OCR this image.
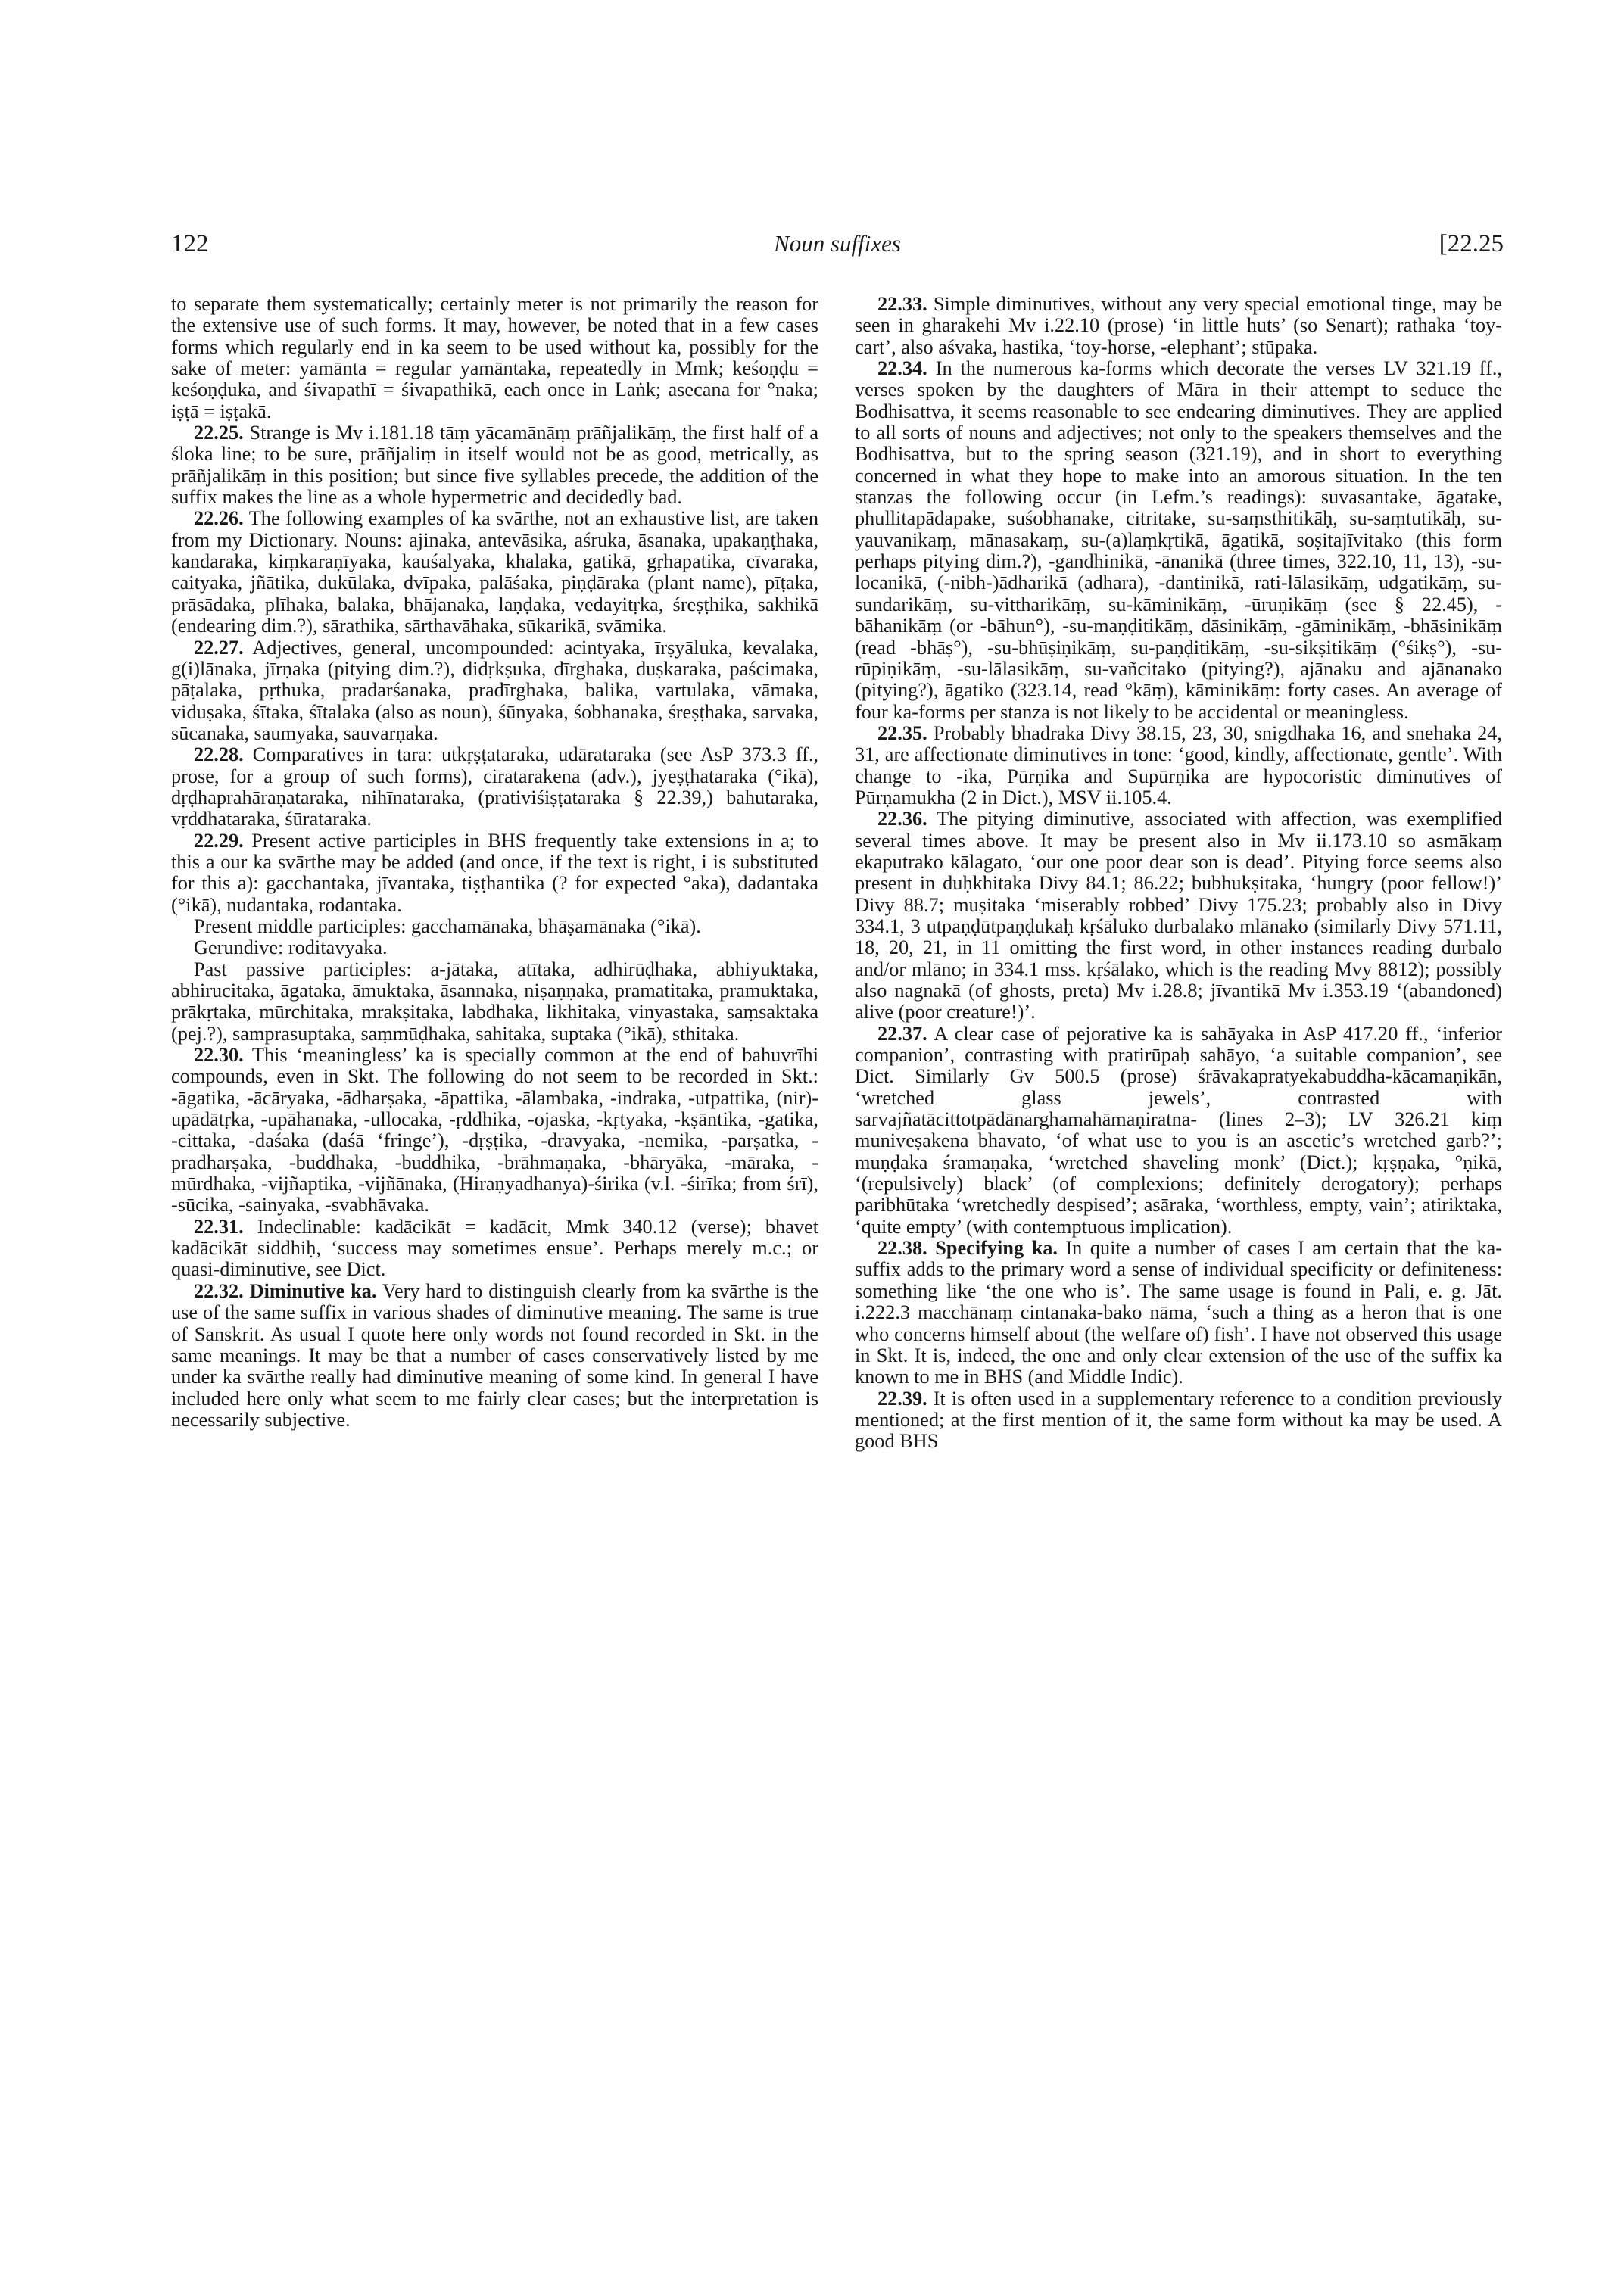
122	Noun suffixes	[22.25

to separate them systematically; certainly meter is not primarily the reason for the extensive use of such forms. It may, however, be noted that in a few cases forms which regularly end in ka seem to be used without ka, possibly for the sake of meter: yamānta = regular yamāntaka, repeatedly in Mmk; keśoṇḍu = keśoṇḍuka, and śivapathī = śivapathikā, each once in Laṅk; asecana for °naka; iṣṭā = iṣṭakā.

22.25. Strange is Mv i.181.18 tāṃ yācamānāṃ prāñjalikāṃ, the first half of a śloka line; to be sure, prāñjaliṃ in itself would not be as good, metrically, as prāñjalikāṃ in this position; but since five syllables precede, the addition of the suffix makes the line as a whole hypermetric and decidedly bad.

22.26. The following examples of ka svārthe, not an exhaustive list, are taken from my Dictionary. Nouns: ajinaka, antevāsika, aśruka, āsanaka, upakaṇṭhaka, kandaraka, kiṃkaraṇīyaka, kauśalyaka, khalaka, gatikā, gṛhapatika, cīvaraka, caityaka, jñātika, dukūlaka, dvīpaka, palāśaka, piṇḍāraka (plant name), pīṭaka, prāsādaka, plīhaka, balaka, bhājanaka, laṇḍaka, vedayitṛka, śreṣṭhika, sakhikā (endearing dim.?), sārathika, sārthavāhaka, sūkarikā, svāmika.

22.27. Adjectives, general, uncompounded: acintyaka, īrṣyāluka, kevalaka, g(i)lānaka, jīrṇaka (pitying dim.?), didṛkṣuka, dīrghaka, duṣkaraka, paścimaka, pāṭalaka, pṛthuka, pradarśanaka, pradīrghaka, balika, vartulaka, vāmaka, viduṣaka, śītaka, śītalaka (also as noun), śūnyaka, śobhanaka, śreṣṭhaka, sarvaka, sūcanaka, saumyaka, sauvarṇaka.

22.28. Comparatives in tara: utkṛṣṭataraka, udārataraka (see AsP 373.3 ff., prose, for a group of such forms), ciratarakena (adv.), jyeṣṭhataraka (°ikā), dṛḍhaprahāraṇataraka, nihīnataraka, (prativiśiṣṭataraka § 22.39,) bahutaraka, vṛddhataraka, śūrataraka.

22.29. Present active participles in BHS frequently take extensions in a; to this a our ka svārthe may be added (and once, if the text is right, i is substituted for this a): gacchantaka, jīvantaka, tiṣṭhantika (? for expected °aka), dadantaka (°ikā), nudantaka, rodantaka.

Present middle participles: gacchamānaka, bhāṣamānaka (°ikā).

Gerundive: roditavyaka.

Past passive participles: a-jātaka, atītaka, adhirūḍhaka, abhiyuktaka, abhirucitaka, āgataka, āmuktaka, āsannaka, niṣaṇṇaka, pramatitaka, pramuktaka, prākṛtaka, mūrchitaka, mrakṣitaka, labdhaka, likhitaka, vinyastaka, saṃsaktaka (pej.?), samprasuptaka, saṃmūḍhaka, sahitaka, suptaka (°ikā), sthitaka.

22.30. This ‘meaningless’ ka is specially common at the end of bahuvrīhi compounds, even in Skt. The following do not seem to be recorded in Skt.: -āgatika, -ācāryaka, -ādharṣaka, -āpattika, -ālambaka, -indraka, -utpattika, (nir)-upādātṛka, -upāhanaka, -ullocaka, -ṛddhika, -ojaska, -kṛtyaka, -kṣāntika, -gatika, -cittaka, -daśaka (daśā ‘fringe’), -dṛṣṭika, -dravyaka, -nemika, -parṣatka, -pradharṣaka, -buddhaka, -buddhika, -brāhmaṇaka, -bhāryāka, -māraka, -mūrdhaka, -vijñaptika, -vijñānaka, (Hiraṇyadhanya)-śirika (v.l. -śirīka; from śrī), -sūcika, -sainyaka, -svabhāvaka.

22.31. Indeclinable: kadācikāt = kadācit, Mmk 340.12 (verse); bhavet kadācikāt siddhiḥ, ‘success may sometimes ensue’. Perhaps merely m.c.; or quasi-diminutive, see Dict.

22.32. Diminutive ka. Very hard to distinguish clearly from ka svārthe is the use of the same suffix in various shades of diminutive meaning. The same is true of Sanskrit. As usual I quote here only words not found recorded in Skt. in the same meanings. It may be that a number of cases conservatively listed by me under ka svārthe really had diminutive meaning of some kind. In general I have included here only what seem to me fairly clear cases; but the interpretation is necessarily subjective.

22.33. Simple diminutives, without any very special emotional tinge, may be seen in gharakehi Mv i.22.10 (prose) ‘in little huts’ (so Senart); rathaka ‘toy-cart’, also aśvaka, hastika, ‘toy-horse, -elephant’; stūpaka.

22.34. In the numerous ka-forms which decorate the verses LV 321.19 ff., verses spoken by the daughters of Māra in their attempt to seduce the Bodhisattva, it seems reasonable to see endearing diminutives. They are applied to all sorts of nouns and adjectives; not only to the speakers themselves and the Bodhisattva, but to the spring season (321.19), and in short to everything concerned in what they hope to make into an amorous situation. In the ten stanzas the following occur (in Lefm.’s readings): suvasantake, āgatake, phullitapādapake, suśobhanake, citritake, su-saṃsthitikāḥ, su-saṃtutikāḥ, su-yauvanikaṃ, mānasakaṃ, su-(a)laṃkṛtikā, āgatikā, soṣitajīvitako (this form perhaps pitying dim.?), -gandhinikā, -ānanikā (three times, 322.10, 11, 13), -su-locanikā, (-nibh-)ādharikā (adhara), -dantinikā, rati-lālasikāṃ, udgatikāṃ, su-sundarikāṃ, su-vittharikāṃ, su-kāminikāṃ, -ūruṇikāṃ (see § 22.45), -bāhanikāṃ (or -bāhun°), -su-maṇḍitikāṃ, dāsinikāṃ, -gāminikāṃ, -bhāsinikāṃ (read -bhāṣ°), -su-bhūṣiṇikāṃ, su-paṇḍitikāṃ, -su-sikṣitikāṃ (°śikṣ°), -su-rūpiṇikāṃ, -su-lālasikāṃ, su-vañcitako (pitying?), ajānaku and ajānanako (pitying?), āgatiko (323.14, read °kāṃ), kāminikāṃ: forty cases. An average of four ka-forms per stanza is not likely to be accidental or meaningless.

22.35. Probably bhadraka Divy 38.15, 23, 30, snigdhaka 16, and snehaka 24, 31, are affectionate diminutives in tone: ‘good, kindly, affectionate, gentle’. With change to -ika, Pūrṇika and Supūrṇika are hypocoristic diminutives of Pūrṇamukha (2 in Dict.), MSV ii.105.4.

22.36. The pitying diminutive, associated with affection, was exemplified several times above. It may be present also in Mv ii.173.10 so asmākaṃ ekaputrako kālagato, ‘our one poor dear son is dead’. Pitying force seems also present in duḥkhitaka Divy 84.1; 86.22; bubhukṣitaka, ‘hungry (poor fellow!)’ Divy 88.7; muṣitaka ‘miserably robbed’ Divy 175.23; probably also in Divy 334.1, 3 utpaṇḍūtpaṇḍukaḥ kṛśāluko durbalako mlānako (similarly Divy 571.11, 18, 20, 21, in 11 omitting the first word, in other instances reading durbalo and/or mlāno; in 334.1 mss. kṛśālako, which is the reading Mvy 8812); possibly also nagnakā (of ghosts, preta) Mv i.28.8; jīvantikā Mv i.353.19 ‘(abandoned) alive (poor creature!)’.

22.37. A clear case of pejorative ka is sahāyaka in AsP 417.20 ff., ‘inferior companion’, contrasting with pratirūpaḥ sahāyo, ‘a suitable companion’, see Dict. Similarly Gv 500.5 (prose) śrāvakapratyekabuddha-kācamaṇikān, ‘wretched glass jewels’, contrasted with sarvajñatācittotpādānarghamahāmaṇiratna- (lines 2–3); LV 326.21 kiṃ muniveṣakena bhavato, ‘of what use to you is an ascetic’s wretched garb?’; muṇḍaka śramaṇaka, ‘wretched shaveling monk’ (Dict.); kṛṣṇaka, °ṇikā, ‘(repulsively) black’ (of complexions; definitely derogatory); perhaps paribhūtaka ‘wretchedly despised’; asāraka, ‘worthless, empty, vain’; atiriktaka, ‘quite empty’ (with contemptuous implication).

22.38. Specifying ka. In quite a number of cases I am certain that the ka-suffix adds to the primary word a sense of individual specificity or definiteness: something like ‘the one who is’. The same usage is found in Pali, e. g. Jāt. i.222.3 macchānaṃ cintanaka-bako nāma, ‘such a thing as a heron that is one who concerns himself about (the welfare of) fish’. I have not observed this usage in Skt. It is, indeed, the one and only clear extension of the use of the suffix ka known to me in BHS (and Middle Indic).

22.39. It is often used in a supplementary reference to a condition previously mentioned; at the first mention of it, the same form without ka may be used. A good BHS
